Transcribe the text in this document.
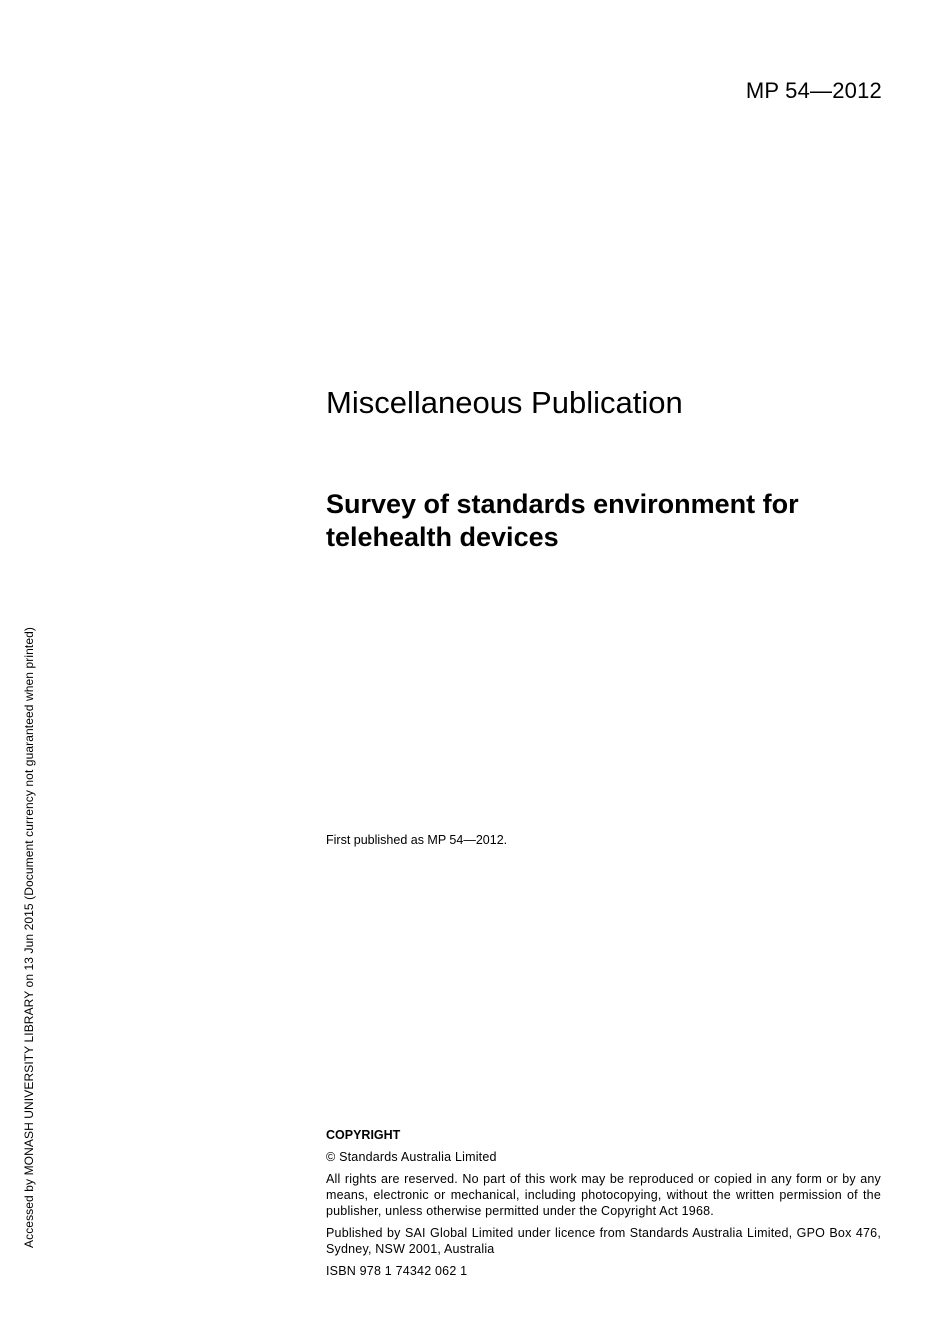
MP 54—2012
Miscellaneous Publication
Survey of standards environment for telehealth devices
First published as MP 54—2012.
COPYRIGHT

© Standards Australia Limited

All rights are reserved. No part of this work may be reproduced or copied in any form or by any means, electronic or mechanical, including photocopying, without the written permission of the publisher, unless otherwise permitted under the Copyright Act 1968.

Published by SAI Global Limited under licence from Standards Australia Limited, GPO Box 476, Sydney, NSW 2001, Australia

ISBN 978 1 74342 062 1

Accessed by MONASH UNIVERSITY LIBRARY on 13 Jun 2015 (Document currency not guaranteed when printed)
